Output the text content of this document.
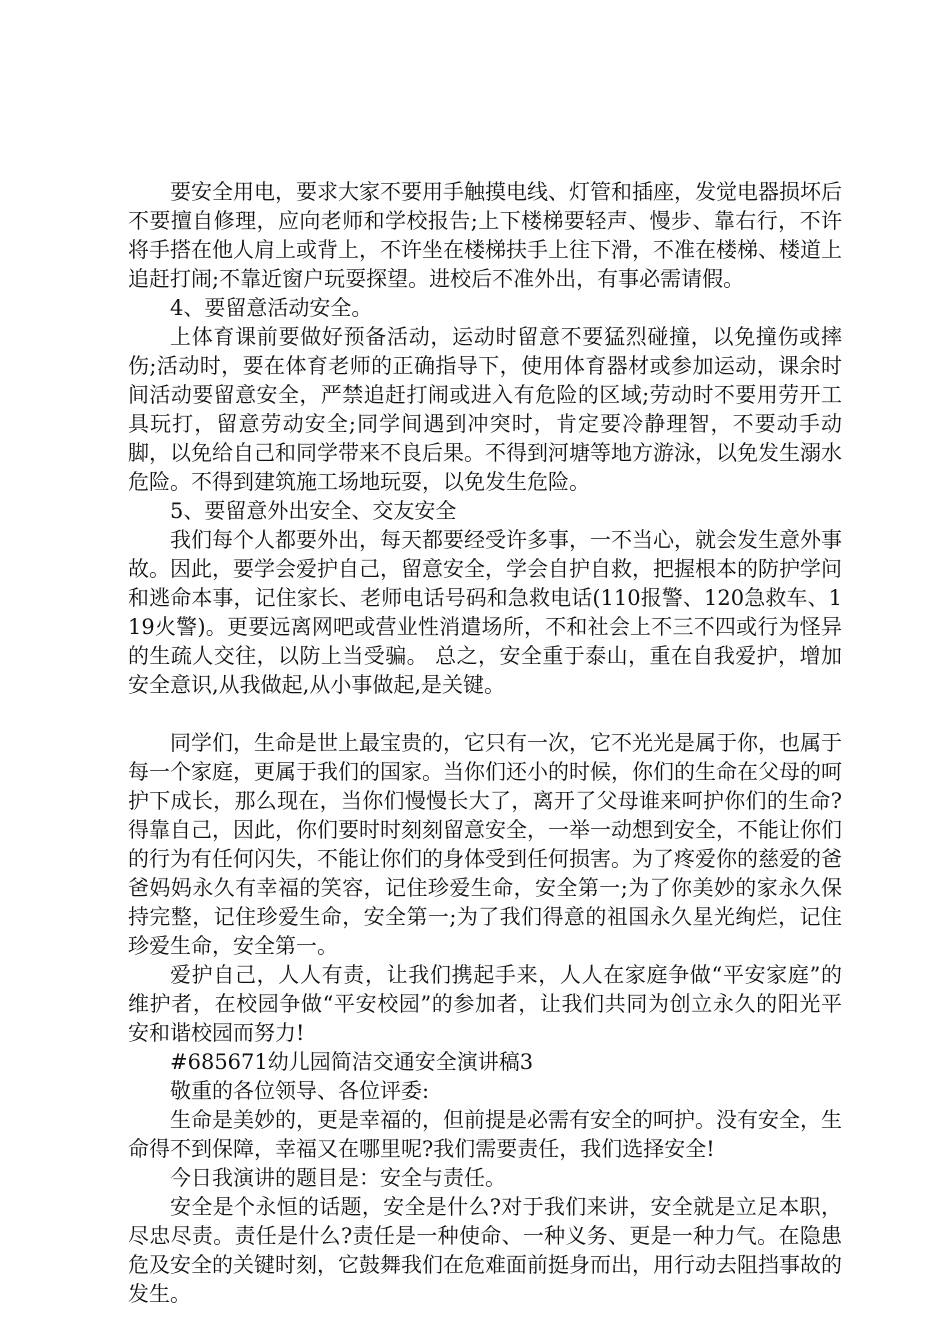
要安全用电，要求大家不要用手触摸电线、灯管和插座，发觉电器损坏后不要擅自修理，应向老师和学校报告;上下楼梯要轻声、慢步、靠右行，不许将手搭在他人肩上或背上，不许坐在楼梯扶手上往下滑，不准在楼梯、楼道上追赶打闹;不靠近窗户玩耍探望。进校后不准外出，有事必需请假。

4、要留意活动安全。

上体育课前要做好预备活动，运动时留意不要猛烈碰撞，以免撞伤或摔伤;活动时，要在体育老师的正确指导下，使用体育器材或参加运动，课余时间活动要留意安全，严禁追赶打闹或进入有危险的区域;劳动时不要用劳开工具玩打，留意劳动安全;同学间遇到冲突时，肯定要冷静理智，不要动手动脚，以免给自己和同学带来不良后果。不得到河塘等地方游泳，以免发生溺水危险。不得到建筑施工场地玩耍，以免发生危险。

5、要留意外出安全、交友安全

我们每个人都要外出，每天都要经受许多事，一不当心，就会发生意外事故。因此，要学会爱护自己，留意安全，学会自护自救，把握根本的防护学问和逃命本事，记住家长、老师电话号码和急救电话(110报警、120急救车、119火警)。更要远离网吧或营业性消遣场所，不和社会上不三不四或行为怪异的生疏人交往，以防上当受骗。 总之，安全重于泰山，重在自我爱护，增加安全意识,从我做起,从小事做起,是关键。

同学们，生命是世上最宝贵的，它只有一次，它不光光是属于你，也属于每一个家庭，更属于我们的国家。当你们还小的时候，你们的生命在父母的呵护下成长，那么现在，当你们慢慢长大了，离开了父母谁来呵护你们的生命?得靠自己，因此，你们要时时刻刻留意安全，一举一动想到安全，不能让你们的行为有任何闪失，不能让你们的身体受到任何损害。为了疼爱你的慈爱的爸爸妈妈永久有幸福的笑容，记住珍爱生命，安全第一;为了你美妙的家永久保持完整，记住珍爱生命，安全第一;为了我们得意的祖国永久星光绚烂，记住珍爱生命，安全第一。

爱护自己，人人有责，让我们携起手来，人人在家庭争做“平安家庭”的维护者，在校园争做“平安校园”的参加者，让我们共同为创立永久的阳光平安和谐校园而努力!

#685671幼儿园简洁交通安全演讲稿3

敬重的各位领导、各位评委:

生命是美妙的，更是幸福的，但前提是必需有安全的呵护。没有安全，生命得不到保障，幸福又在哪里呢?我们需要责任，我们选择安全!

今日我演讲的题目是：安全与责任。

安全是个永恒的话题，安全是什么?对于我们来讲，安全就是立足本职，尽忠尽责。责任是什么?责任是一种使命、一种义务、更是一种力气。在隐患危及安全的关键时刻，它鼓舞我们在危难面前挺身而出，用行动去阻挡事故的发生。
